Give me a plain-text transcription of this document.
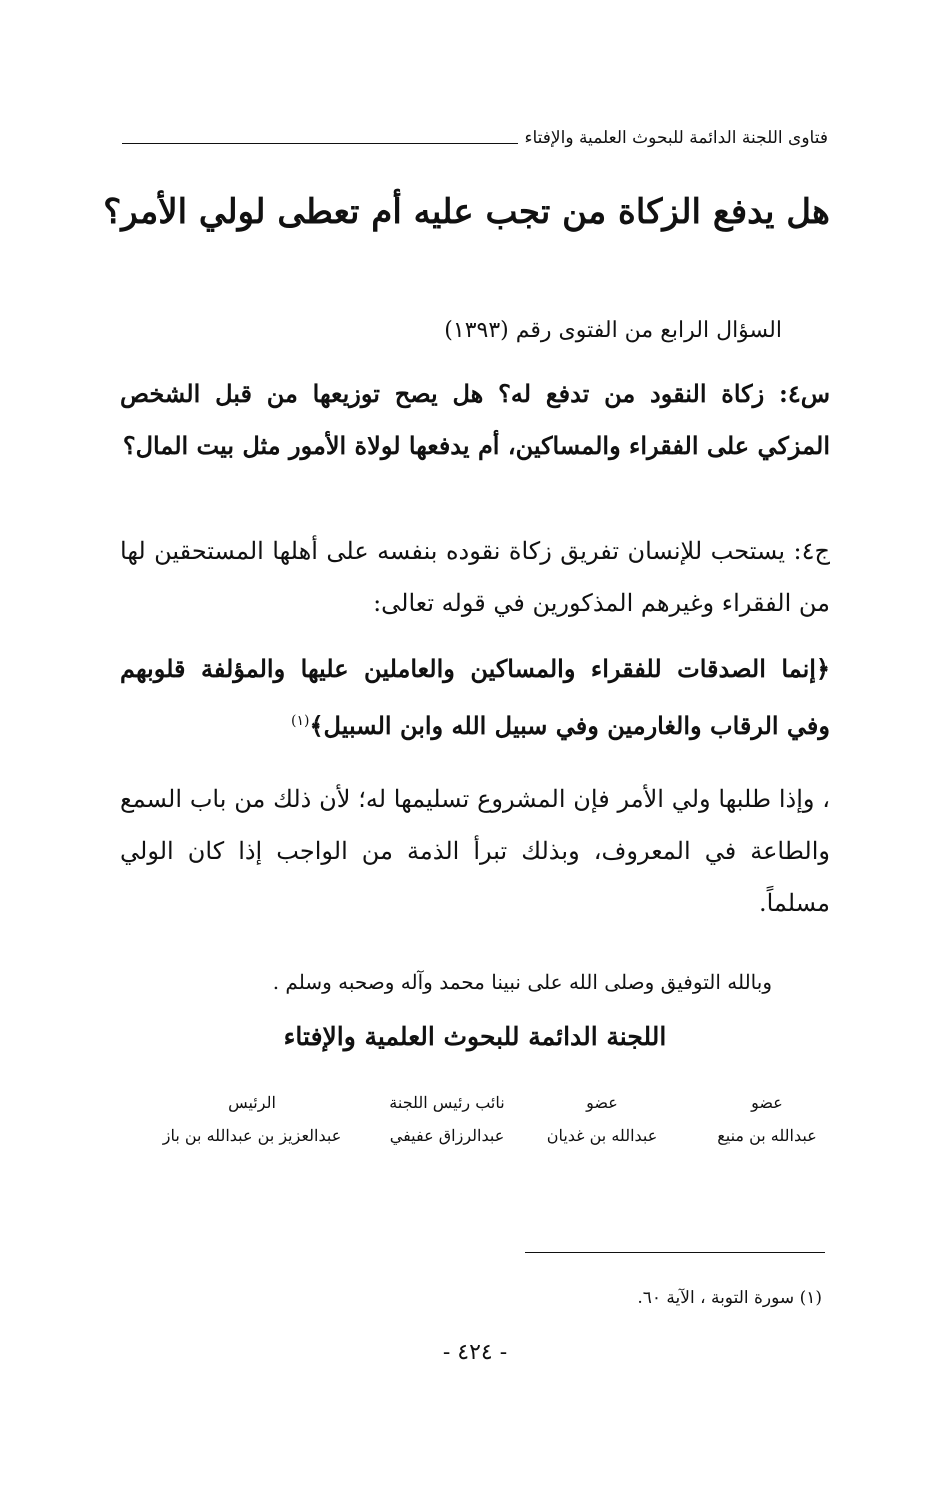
فتاوى اللجنة الدائمة للبحوث العلمية والإفتاء
هل يدفع الزكاة من تجب عليه أم تعطى لولي الأمر؟
السؤال الرابع من الفتوى رقم (١٣٩٣)
س٤: زكاة النقود من تدفع له؟ هل يصح توزيعها من قبل الشخص المزكي على الفقراء والمساكين، أم يدفعها لولاة الأمور مثل بيت المال؟
ج٤: يستحب للإنسان تفريق زكاة نقوده بنفسه على أهلها المستحقين لها من الفقراء وغيرهم المذكورين في قوله تعالى:
﴿إنما الصدقات للفقراء والمساكين والعاملين عليها والمؤلفة قلوبهم وفي الرقاب والغارمين وفي سبيل الله وابن السبيل﴾$^{(١)}$
، وإذا طلبها ولي الأمر فإن المشروع تسليمها له؛ لأن ذلك من باب السمع والطاعة في المعروف، وبذلك تبرأ الذمة من الواجب إذا كان الولي مسلماً.
وبالله التوفيق وصلى الله على نبينا محمد وآله وصحبه وسلم .
اللجنة الدائمة للبحوث العلمية والإفتاء
عضو
عبدالله بن منيع
عضو
عبدالله بن غديان
نائب رئيس اللجنة
عبدالرزاق عفيفي
الرئيس
عبدالعزيز بن عبدالله بن باز
(١) سورة التوبة ، الآية ٦٠.
- ٤٢٤ -
